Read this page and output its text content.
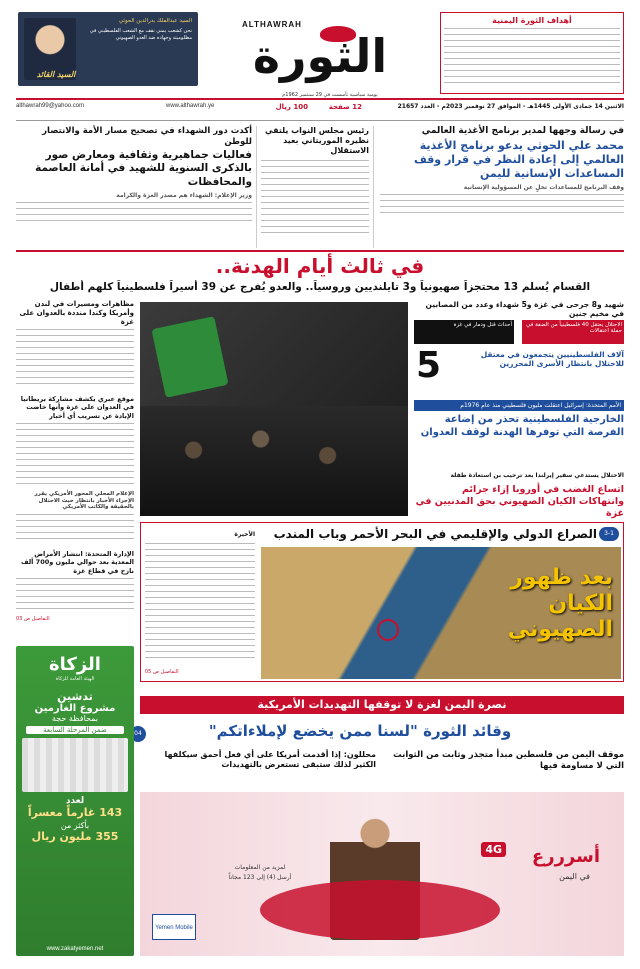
السيد عبدالملك بدرالدين الحوثي
نحن كشعب يمني نقف مع الشعب الفلسطيني في مظلوميته وجهاده ضد العدو الصهيوني
السيد القائد
ALTHAWRAH
الثورة
يومية سياسية تأسست في 29 سبتمبر 1962م
أهداف الثورة اليمنية
الاثنين 14 جمادى الأولى 1445هـ - الموافق 27 نوفمبر 2023م - العدد 21657
12 صفحة
100 ريال
www.althawrah.ye
althawrah99@yahoo.com
في رسالة وجهها لمدير برنامج الأغذية العالمي
محمد علي الحوثي يدعو برنامج الأغذية العالمي إلى إعادة النظر في قرار وقف المساعدات الإنسانية لليمن
وقف البرنامج للمساعدات تخلٍ عن المسؤولية الإنسانية
رئيس مجلس النواب يلتقي نظيره الموريتاني بعيد الاستقلال
أكدت دور الشهداء في تصحيح مسار الأمة والانتصار للوطن
فعاليات جماهيرية وثقافية ومعارض صور بالذكرى السنوية للشهيد في أمانة العاصمة والمحافظات
وزير الإعلام: الشهداء هم مصدر العزة والكرامة
في ثالث أيام الهدنة..
القسام يُسلم 13 محتجزاً صهيونياً و3 تايلنديين وروسياً.. والعدو يُفرج عن 39 أسيراً فلسطينياً كلهم أطفال
شهيد و8 جرحى في غزة و5 شهداء وعدد من المصابين في مخيم جنين
الاحتلال يعتقل 40 فلسطينياً من الضفة في حملة اعتقالات
أحداث قتل ودمار في غزة
5	آلاف الفلسطينيين يتجمعون في معتقل للاحتلال بانتظار الأسرى المحررين
الأمم المتحدة: إسرائيل اعتقلت مليون فلسطيني منذ عام 1976م
الخارجية الفلسطينية تحذر من إضاعة الفرصة التي توفرها الهدنة لوقف العدوان
الاحتلال يستدعي سفير إيرلندا بعد ترحيب بن استعادة طفلة
اتساع الغضب في أوروبا إزاء جرائم وانتهاكات الكيان الصهيوني بحق المدنيين في غزة
مظاهرات ومسيرات في لندن وأمريكا وكندا منددة بالعدوان على غزة
موقع عبري يكشف مشاركة بريطانيا في العدوان على غزة وأنها خاضت الإبادة عن تسريب أي أخبار
الإعلام المحلي المحور الأمريكي يقرر الإجراء الأخبار بانتظار حيث الاحتلال بالحقيقة والكاتب الأمريكي
الإدارة المتحدة: انتشار الأمراض المعدية بعد حوالي مليون و700 ألف نازح في قطاع غزة
التفاصيل ص 03
الصراع الدولي والإقليمي في البحر الأحمر وباب المندب	3-1
بعد ظهور الكيان الصهيوني
الأخيرة
التفاصيل ص 05
نصرة اليمن لغزة لا توقفها التهديدات الأمريكية
وقائد الثورة "لسنا ممن يخضع لإملاءاتكم"
04
موقف اليمن من فلسطين مبدأ متجذر وثابت من الثوابت التي لا مساومة فيها
محللون: إذا أقدمت أمريكا على أي فعل أحمق سيكلفها الكثير لذلك ستبقى تستعرض بالتهديدات
الزكاة
الهيئة العامة للزكاة
تدشين
مشروع الغارمين
بمحافظة حجة
ضمن المرحلة السابعة
لعدد
143 غارماً معسراً
بأكثر من
355 مليون ريال
www.zakatyemen.net
أسرررع
4G
في اليمن
لمزيد من المعلومات
أرسل (4) إلى 123 مجاناً
Yemen Mobile
